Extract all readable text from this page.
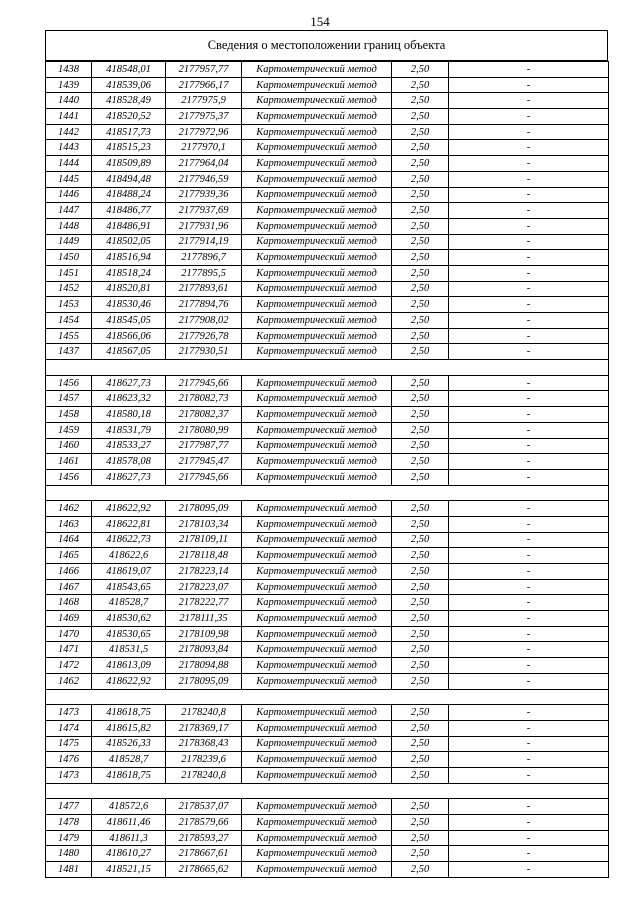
154
Сведения о местоположении границ объекта
1438	418548,01	2177957,77	Картометрический метод	2,50	-
1439	418539,06	2177966,17	Картометрический метод	2,50	-
1440	418528,49	2177975,9	Картометрический метод	2,50	-
1441	418520,52	2177975,37	Картометрический метод	2,50	-
1442	418517,73	2177972,96	Картометрический метод	2,50	-
1443	418515,23	2177970,1	Картометрический метод	2,50	-
1444	418509,89	2177964,04	Картометрический метод	2,50	-
1445	418494,48	2177946,59	Картометрический метод	2,50	-
1446	418488,24	2177939,36	Картометрический метод	2,50	-
1447	418486,77	2177937,69	Картометрический метод	2,50	-
1448	418486,91	2177931,96	Картометрический метод	2,50	-
1449	418502,05	2177914,19	Картометрический метод	2,50	-
1450	418516,94	2177896,7	Картометрический метод	2,50	-
1451	418518,24	2177895,5	Картометрический метод	2,50	-
1452	418520,81	2177893,61	Картометрический метод	2,50	-
1453	418530,46	2177894,76	Картометрический метод	2,50	-
1454	418545,05	2177908,02	Картометрический метод	2,50	-
1455	418566,06	2177926,78	Картометрический метод	2,50	-
1437	418567,05	2177930,51	Картометрический метод	2,50	-

1456	418627,73	2177945,66	Картометрический метод	2,50	-
1457	418623,32	2178082,73	Картометрический метод	2,50	-
1458	418580,18	2178082,37	Картометрический метод	2,50	-
1459	418531,79	2178080,99	Картометрический метод	2,50	-
1460	418533,27	2177987,77	Картометрический метод	2,50	-
1461	418578,08	2177945,47	Картометрический метод	2,50	-
1456	418627,73	2177945,66	Картометрический метод	2,50	-

1462	418622,92	2178095,09	Картометрический метод	2,50	-
1463	418622,81	2178103,34	Картометрический метод	2,50	-
1464	418622,73	2178109,11	Картометрический метод	2,50	-
1465	418622,6	2178118,48	Картометрический метод	2,50	-
1466	418619,07	2178223,14	Картометрический метод	2,50	-
1467	418543,65	2178223,07	Картометрический метод	2,50	-
1468	418528,7	2178222,77	Картометрический метод	2,50	-
1469	418530,62	2178111,35	Картометрический метод	2,50	-
1470	418530,65	2178109,98	Картометрический метод	2,50	-
1471	418531,5	2178093,84	Картометрический метод	2,50	-
1472	418613,09	2178094,88	Картометрический метод	2,50	-
1462	418622,92	2178095,09	Картометрический метод	2,50	-

1473	418618,75	2178240,8	Картометрический метод	2,50	-
1474	418615,82	2178369,17	Картометрический метод	2,50	-
1475	418526,33	2178368,43	Картометрический метод	2,50	-
1476	418528,7	2178239,6	Картометрический метод	2,50	-
1473	418618,75	2178240,8	Картометрический метод	2,50	-

1477	418572,6	2178537,07	Картометрический метод	2,50	-
1478	418611,46	2178579,66	Картометрический метод	2,50	-
1479	418611,3	2178593,27	Картометрический метод	2,50	-
1480	418610,27	2178667,61	Картометрический метод	2,50	-
1481	418521,15	2178665,62	Картометрический метод	2,50	-
